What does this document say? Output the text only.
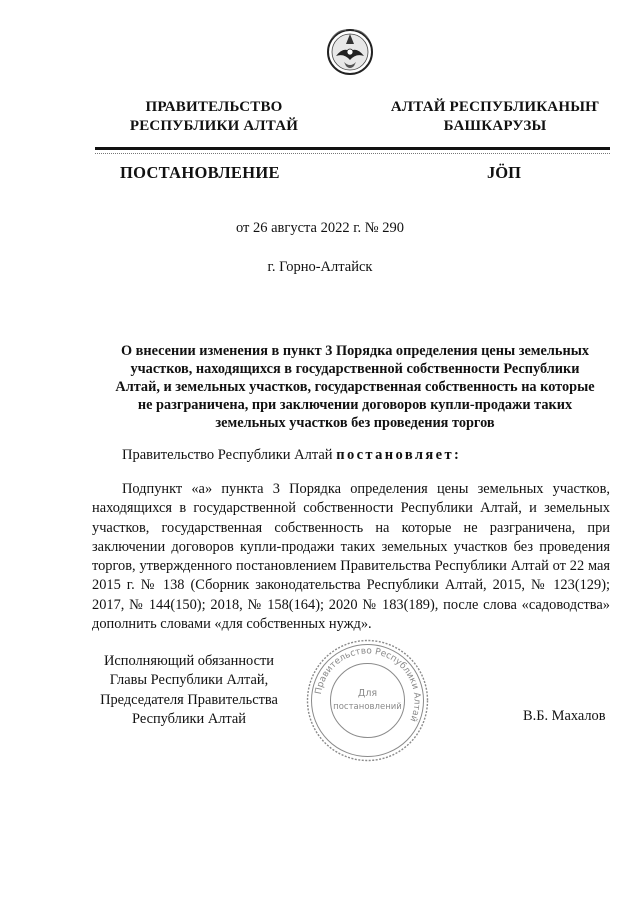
ПРАВИТЕЛЬСТВО
РЕСПУБЛИКИ АЛТАЙ
АЛТАЙ РЕСПУБЛИКАНЫҤ
БАШКАРУЗЫ
ПОСТАНОВЛЕНИЕ	JӦП
от 26 августа 2022 г. № 290
г. Горно-Алтайск
О внесении изменения в пункт 3 Порядка определения цены земельных
участков, находящихся в государственной собственности Республики
Алтай, и земельных участков, государственная собственность на которые
не разграничена, при заключении договоров купли-продажи таких
земельных участков без проведения торгов
Правительство Республики Алтай постановляет:
Подпункт «а» пункта 3 Порядка определения цены земельных участков, находящихся в государственной собственности Республики Алтай, и земельных участков, государственная собственность на которые не разграничена, при заключении договоров купли-продажи таких земельных участков без проведения торгов, утвержденного постановлением Правительства Республики Алтай от 22 мая 2015 г. № 138 (Сборник законодательства Республики Алтай, 2015, № 123(129); 2017, № 144(150); 2018, № 158(164); 2020 № 183(189), после слова «садоводства» дополнить словами «для собственных нужд».
Исполняющий обязанности
Главы Республики Алтай,
Председателя Правительства
Республики Алтай	В.Б. Махалов
Правительство Республики Алтай
Для
постановлений
